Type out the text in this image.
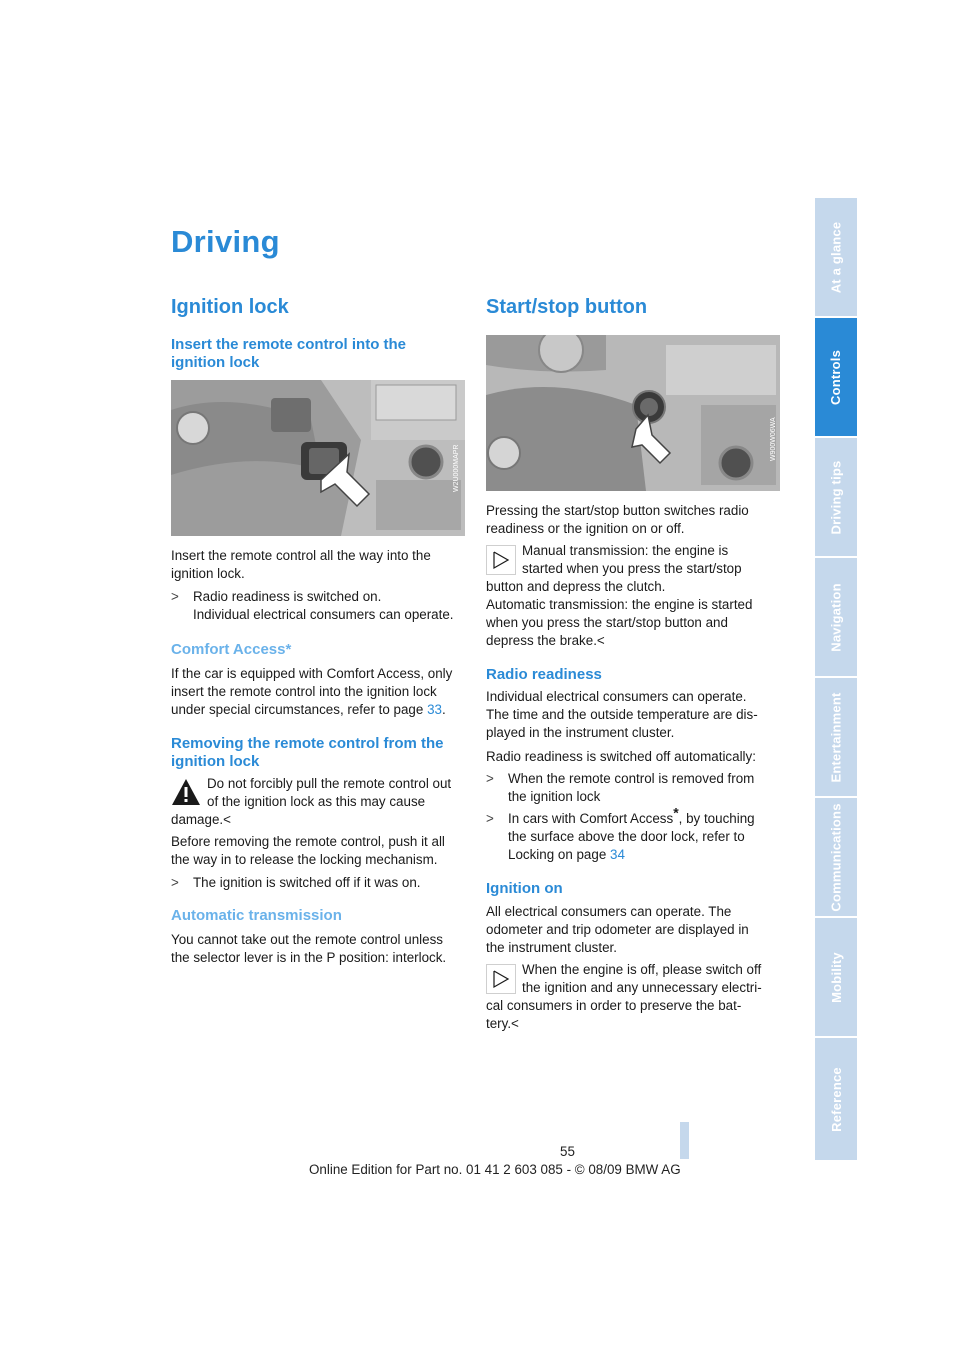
Driving
Ignition lock
Insert the remote control into the ignition lock
W2U000MAPR
Insert the remote control all the way into the
ignition lock.
> Radio readiness is switched on.
Individual electrical consumers can operate.
Comfort Access*
If the car is equipped with Comfort Access, only
insert the remote control into the ignition lock
under special circumstances, refer to page 33.
Removing the remote control from the ignition lock
Do not forcibly pull the remote control out
of the ignition lock as this may cause
damage.<
Before removing the remote control, push it all
the way in to release the locking mechanism.
> The ignition is switched off if it was on.
Automatic transmission
You cannot take out the remote control unless
the selector lever is in the P position: interlock.
Start/stop button
W900W06WA
Pressing the start/stop button switches radio
readiness or the ignition on or off.
Manual transmission: the engine is
started when you press the start/stop
button and depress the clutch.
Automatic transmission: the engine is started
when you press the start/stop button and
depress the brake.<
Radio readiness
Individual electrical consumers can operate.
The time and the outside temperature are dis-
played in the instrument cluster.
Radio readiness is switched off automatically:
> When the remote control is removed from
the ignition lock
> In cars with Comfort Access*, by touching
the surface above the door lock, refer to
Locking on page 34
Ignition on
All electrical consumers can operate. The
odometer and trip odometer are displayed in
the instrument cluster.
When the engine is off, please switch off
the ignition and any unnecessary electri-
cal consumers in order to preserve the bat-
tery.<
At a glance
Controls
Driving tips
Navigation
Entertainment
Communications
Mobility
Reference
55
Online Edition for Part no. 01 41 2 603 085 - © 08/09 BMW AG
